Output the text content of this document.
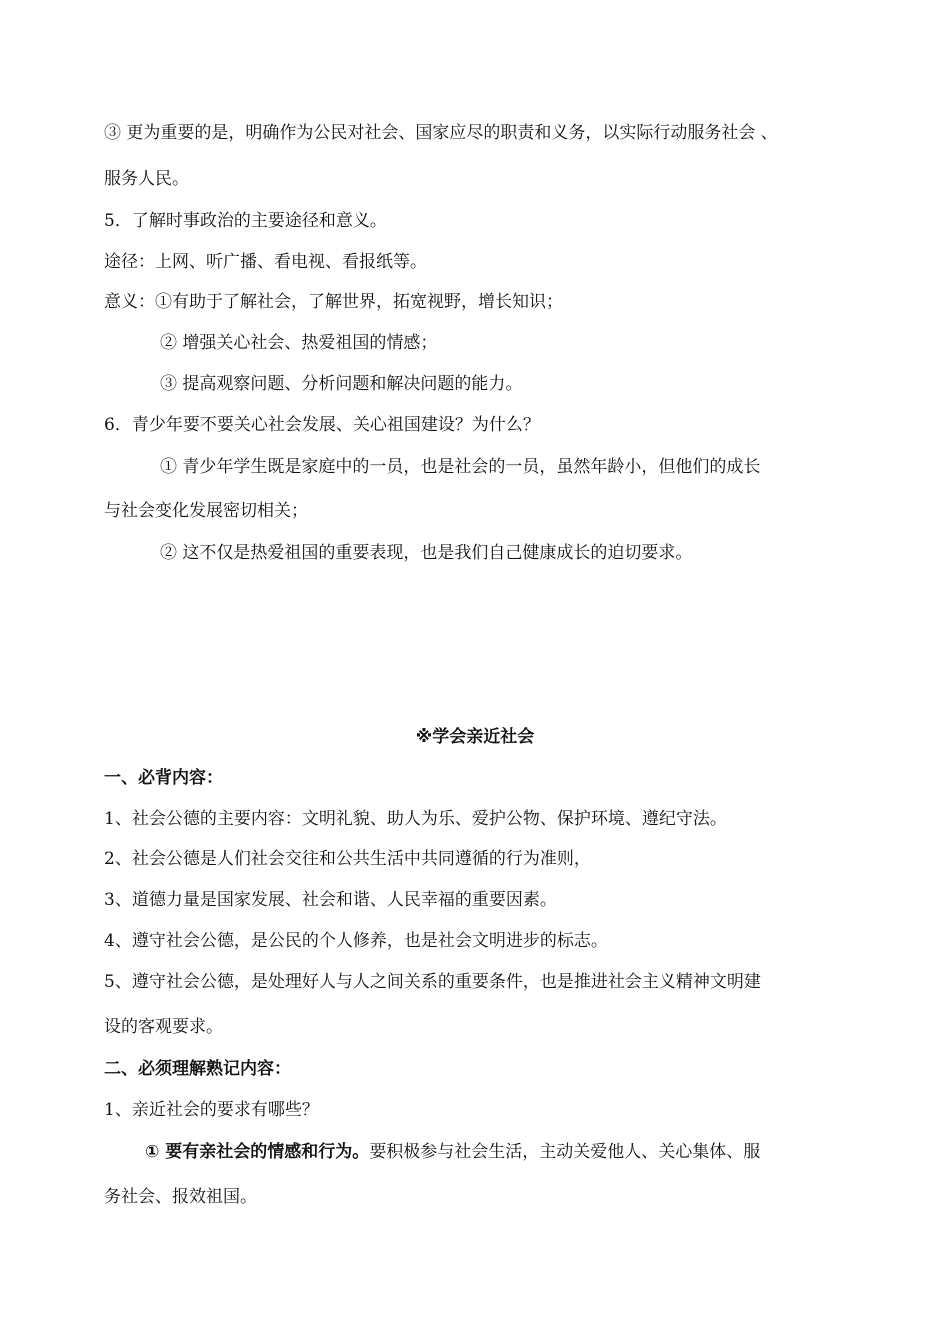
③ 更为重要的是，明确作为公民对社会、国家应尽的职责和义务，以实际行动服务社会 、
服务人民。
5．了解时事政治的主要途径和意义。
途径：上网、听广播、看电视、看报纸等。
意义：①有助于了解社会，了解世界，拓宽视野，增长知识；
② 增强关心社会、热爱祖国的情感；
③ 提高观察问题、分析问题和解决问题的能力。
6．青少年要不要关心社会发展、关心祖国建设？为什么？
① 青少年学生既是家庭中的一员，也是社会的一员，虽然年龄小，但他们的成长
与社会变化发展密切相关；
② 这不仅是热爱祖国的重要表现，也是我们自己健康成长的迫切要求。
※学会亲近社会
一、必背内容：
1、社会公德的主要内容：文明礼貌、助人为乐、爱护公物、保护环境、遵纪守法。
2、社会公德是人们社会交往和公共生活中共同遵循的行为准则，
3、道德力量是国家发展、社会和谐、人民幸福的重要因素。
4、遵守社会公德，是公民的个人修养，也是社会文明进步的标志。
5、遵守社会公德，是处理好人与人之间关系的重要条件，也是推进社会主义精神文明建
设的客观要求。
二、必须理解熟记内容：
1、亲近社会的要求有哪些？
① 要有亲社会的情感和行为。要积极参与社会生活，主动关爱他人、关心集体、服
务社会、报效祖国。
